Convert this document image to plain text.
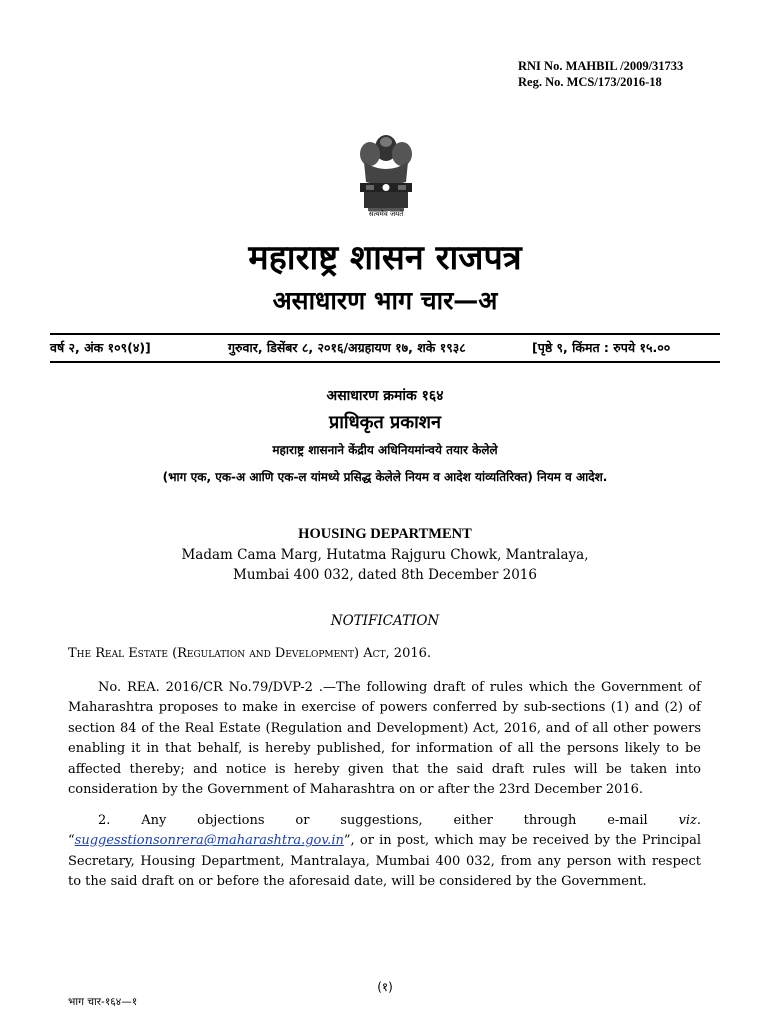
RNI No. MAHBIL /2009/31733
Reg. No. MCS/173/2016-18
सत्यमेव जयते
महाराष्ट्र शासन राजपत्र
असाधारण भाग चार—अ
वर्ष २, अंक १०९(४)]	गुरुवार, डिसेंबर ८, २०१६/अग्रहायण १७, शके १९३८	[पृष्ठे ९, किंमत : रुपये १५.००
असाधारण क्रमांक १६४
प्राधिकृत प्रकाशन
महाराष्ट्र शासनाने केंद्रीय अधिनियमांन्वये तयार केलेले
(भाग एक, एक-अ आणि एक-ल यांमध्ये प्रसिद्ध केलेले नियम व आदेश यांव्यतिरिक्त) नियम व आदेश.
HOUSING DEPARTMENT
Madam Cama Marg, Hutatma Rajguru Chowk, Mantralaya,
Mumbai 400 032, dated 8th December 2016
NOTIFICATION
The Real Estate (Regulation and Development) Act, 2016.
No. REA. 2016/CR No.79/DVP-2 .—The following draft of rules which the Government of Maharashtra proposes to make in exercise of powers conferred by sub-sections (1) and (2) of section 84 of the Real Estate (Regulation and Development) Act, 2016, and of all other powers enabling it in that behalf, is hereby published, for information of all the persons likely to be affected thereby; and notice is hereby given that the said draft rules will be taken into consideration by the Government of Maharashtra on or after the 23rd December 2016.
2. Any objections or suggestions, either through e-mail viz. “suggesstionsonrera@maharashtra.gov.in”, or in post, which may be received by the Principal Secretary, Housing Department, Mantralaya, Mumbai 400 032, from any person with respect to the said draft on or before the aforesaid date, will be considered by the Government.
(१)
भाग चार-१६४—१
